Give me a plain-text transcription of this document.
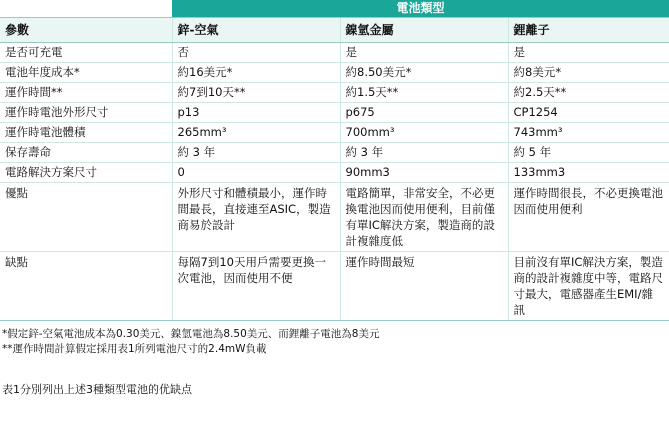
	電池類型		
參數	鋅-空氣	鎳氫金屬	鋰離子
是否可充電	否	是	是
電池年度成本*	約16美元*	約8.50美元*	約8美元*
運作時間**	約7到10天**	約1.5天**	約2.5天**
運作時電池外形尺寸	p13	p675	CP1254
運作時電池體積	265mm³	700mm³	743mm³
保存壽命	約 3 年	約 3 年	約 5 年
電路解決方案尺寸	0	90mm3	133mm3
優點	外形尺寸和體積最小，運作時間最長，直接連至ASIC，製造商易於設計	電路簡單，非常安全，不必更換電池因而使用便利，目前僅有單IC解決方案，製造商的設計複雜度低	運作時間很長，不必更換電池因而使用便利
缺點	每隔7到10天用戶需要更換一次電池，因而使用不便	運作時間最短	目前沒有單IC解決方案，製造商的設計複雜度中等，電路尺寸最大，電感器產生EMI/雜訊
*假定鋅-空氣電池成本為0.30美元、鎳氫電池為8.50美元、而鋰離子電池為8美元
**運作時間計算假定採用表1所列電池尺寸的2.4mW負載
表1分別列出上述3種類型電池的优缺点
